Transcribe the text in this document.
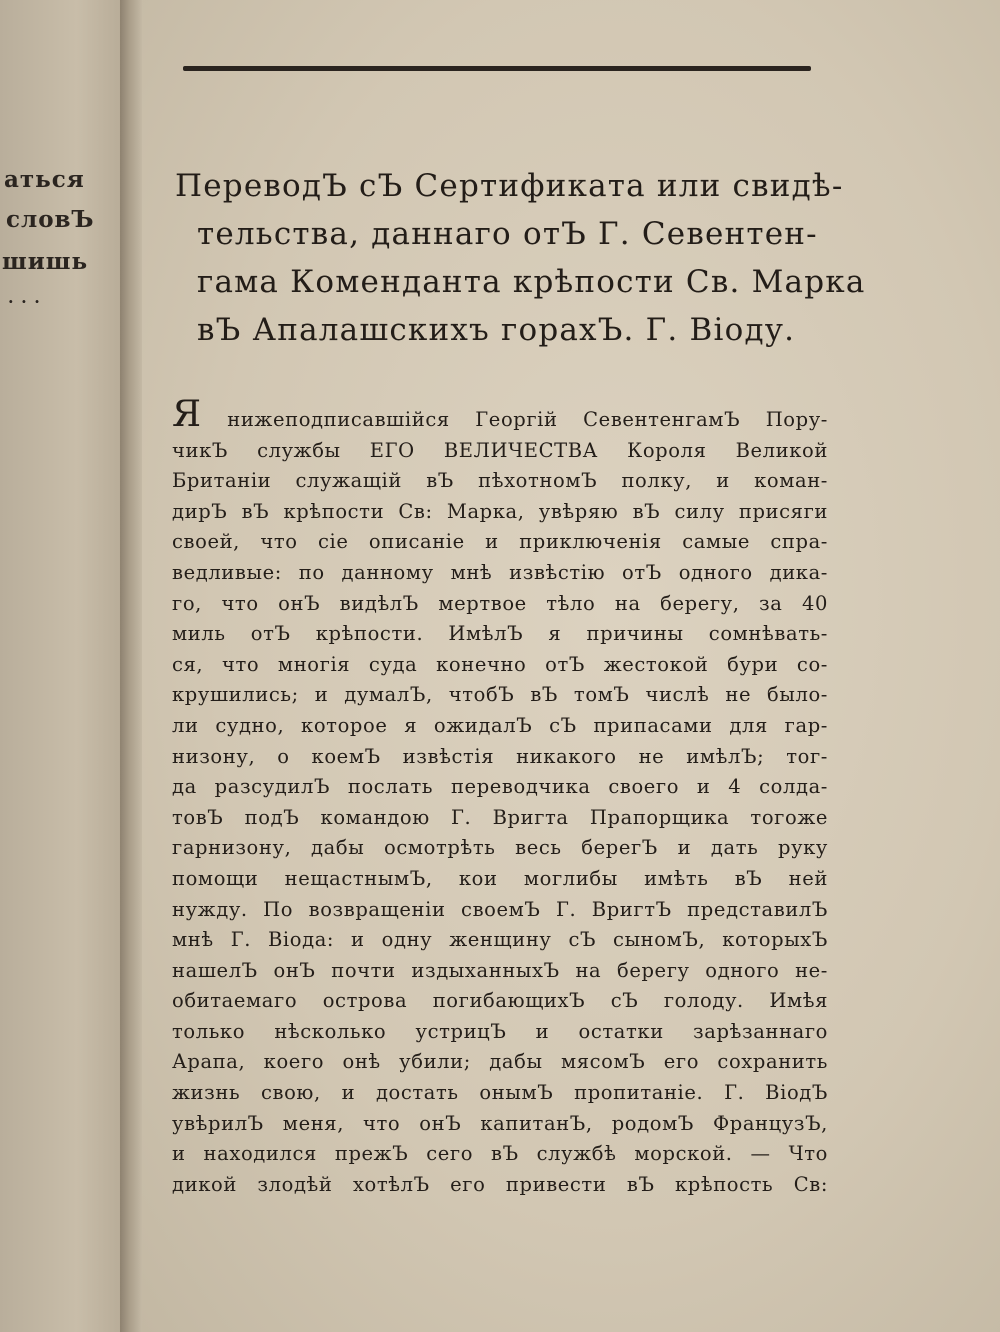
аться
словЪ
шишь
· · ·
ПереводЪ сЪ Сертификата или свидѣ-
тельства, даннаго отЪ Г. Севентен-
гама Коменданта крѣпости Св. Марка
вЪ Апалашскихъ горахЪ. Г. Віоду.
Я нижеподписавшійся Георгій СевентенгамЪ Пору-
чикЪ службы ЕГО ВЕЛИЧЕСТВА Короля Великой
Британіи служащій вЪ пѣхотномЪ полку, и коман-
дирЪ вЪ крѣпости Св: Марка, увѣряю вЪ силу присяги
своей, что сіе описаніе и приключенія самые спра-
ведливые: по данному мнѣ извѣстію отЪ одного дика-
го, что онЪ видѣлЪ мертвое тѣло на берегу, за 40
миль отЪ крѣпости. ИмѣлЪ я причины сомнѣвать-
ся, что многія суда конечно отЪ жестокой бури со-
крушились; и думалЪ, чтобЪ вЪ томЪ числѣ не было-
ли судно, которое я ожидалЪ сЪ припасами для гар-
низону, о коемЪ извѣстія никакого не имѣлЪ; тог-
да разсудилЪ послать переводчика своего и 4 солда-
товЪ подЪ командою Г. Вригта Прапорщика тогоже
гарнизону, дабы осмотрѣть весь берегЪ и дать руку
помощи нещастнымЪ, кои моглибы имѣть вЪ ней
нужду. По возвращеніи своемЪ Г. ВригтЪ представилЪ
мнѣ Г. Віода: и одну женщину сЪ сыномЪ, которыхЪ
нашелЪ онЪ почти издыханныхЪ на берегу одного не-
обитаемаго острова погибающихЪ сЪ голоду. Имѣя
только нѣсколько устрицЪ и остатки зарѣзаннаго
Арапа, коего онѣ убили; дабы мясомЪ его сохранить
жизнь свою, и достать онымЪ пропитаніе. Г. ВіодЪ
увѣрилЪ меня, что онЪ капитанЪ, родомЪ ФранцузЪ,
и находился прежЪ сего вЪ службѣ морской. — Что
дикой злодѣй хотѣлЪ его привести вЪ крѣпость Св:
